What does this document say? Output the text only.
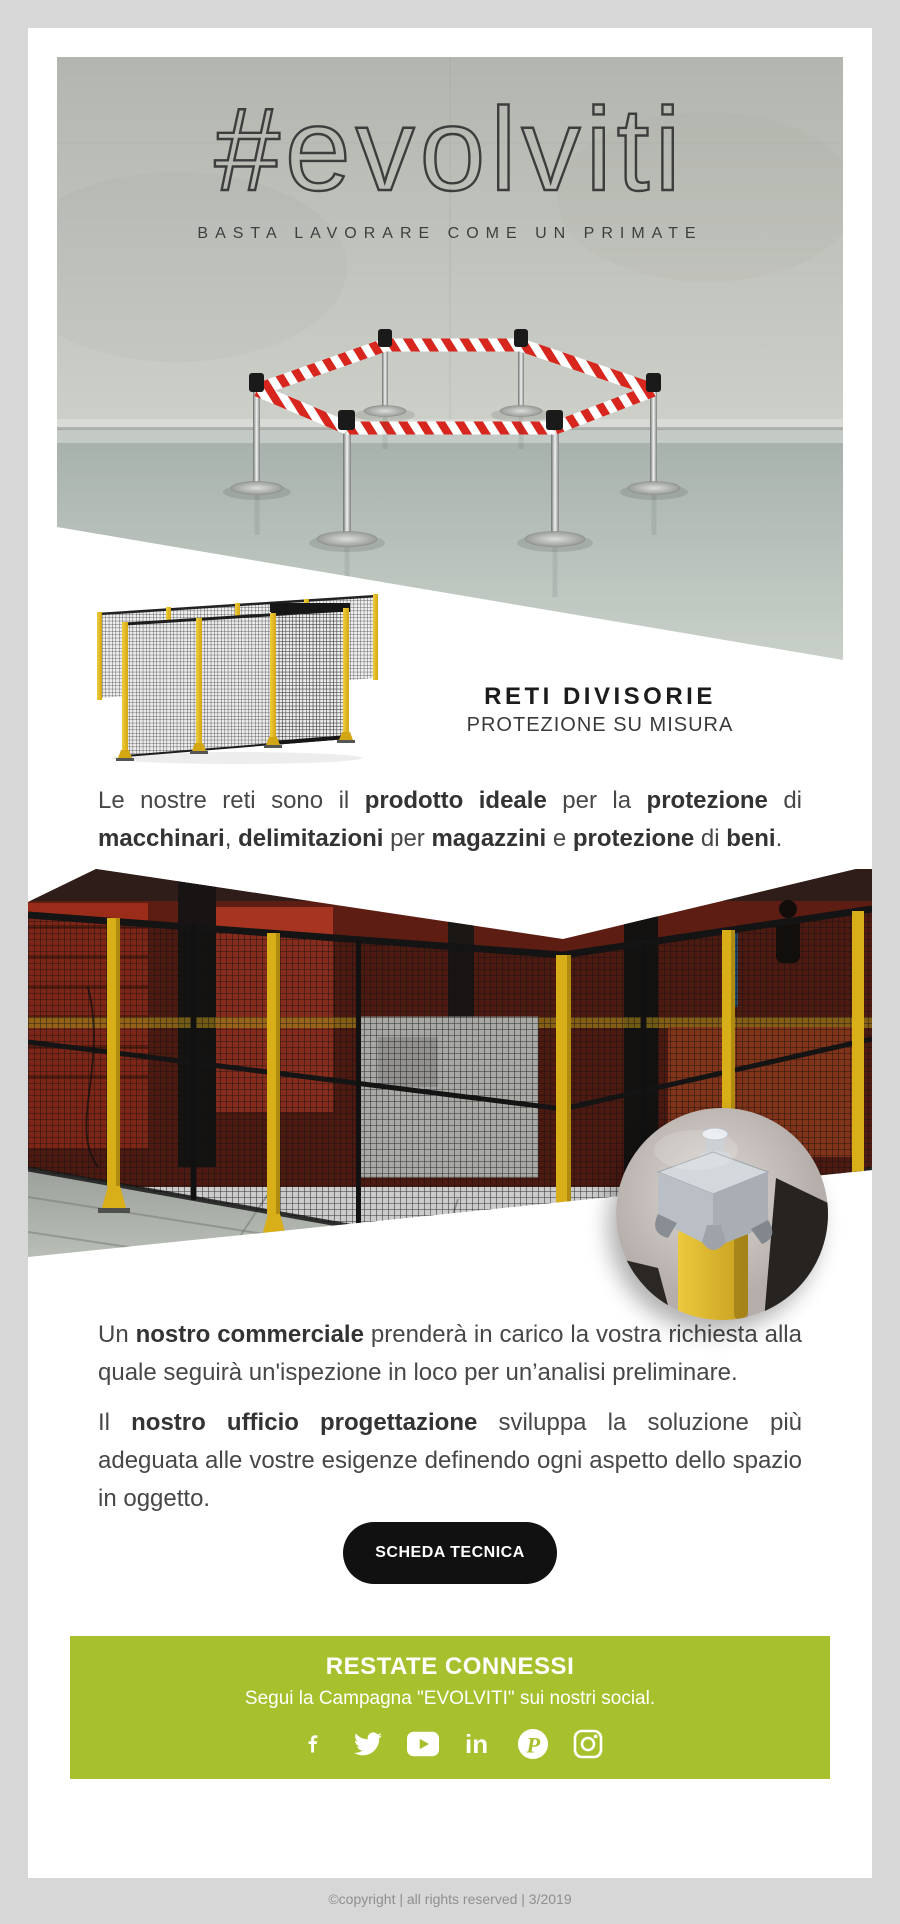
BASTA LAVORARE COME UN PRIMATE
RETI DIVISORIE
PROTEZIONE SU MISURA

Le nostre reti sono il prodotto ideale per la protezione di macchinari, delimitazioni per magazzini e protezione di beni.

Un nostro commerciale prenderà in carico la vostra richiesta alla quale seguirà un'ispezione in loco per un’analisi preliminare.

Il nostro ufficio progettazione sviluppa la soluzione più adeguata alle vostre esigenze definendo ogni aspetto dello spazio in oggetto.

SCHEDA TECNICA
RESTATE CONNESSI
Segui la Campagna "EVOLVITI" sui nostri social.
in P
©copyright | all rights reserved | 3/2019
